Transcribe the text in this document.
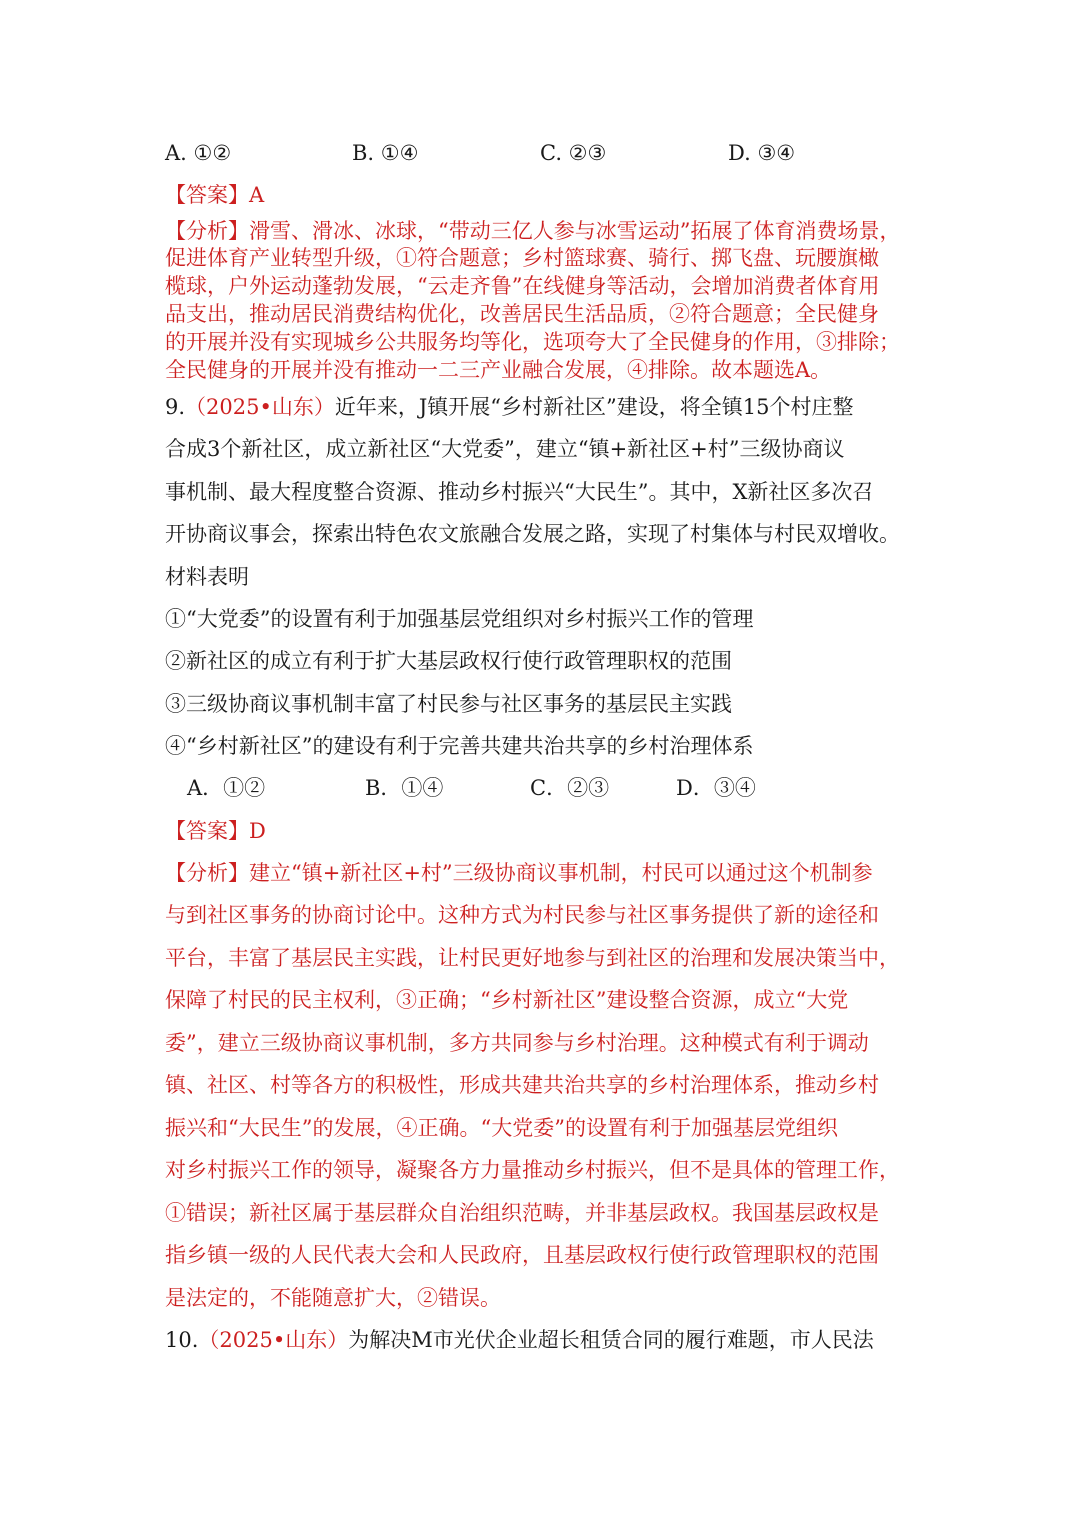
A. ①②	B. ①④	C. ②③	D. ③④
【答案】A
【分析】滑雪、滑冰、冰球，“带动三亿人参与冰雪运动”拓展了体育消费场景，
促进体育产业转型升级，①符合题意；乡村篮球赛、骑行、掷飞盘、玩腰旗橄
榄球，户外运动蓬勃发展，“云走齐鲁”在线健身等活动，会增加消费者体育用
品支出，推动居民消费结构优化，改善居民生活品质，②符合题意；全民健身
的开展并没有实现城乡公共服务均等化，选项夸大了全民健身的作用，③排除；
全民健身的开展并没有推动一二三产业融合发展，④排除。故本题选A。
9.（2025•山东）近年来，J镇开展“乡村新社区”建设，将全镇15个村庄整
合成3个新社区，成立新社区“大党委”，建立“镇+新社区+村”三级协商议
事机制、最大程度整合资源、推动乡村振兴“大民生”。其中，X新社区多次召
开协商议事会，探索出特色农文旅融合发展之路，实现了村集体与村民双增收。
材料表明
①“大党委”的设置有利于加强基层党组织对乡村振兴工作的管理
②新社区的成立有利于扩大基层政权行使行政管理职权的范围
③三级协商议事机制丰富了村民参与社区事务的基层民主实践
④“乡村新社区”的建设有利于完善共建共治共享的乡村治理体系
A．①②	B．①④	C．②③	D．③④
【答案】D
【分析】建立“镇+新社区+村”三级协商议事机制，村民可以通过这个机制参
与到社区事务的协商讨论中。这种方式为村民参与社区事务提供了新的途径和
平台，丰富了基层民主实践，让村民更好地参与到社区的治理和发展决策当中，
保障了村民的民主权利，③正确；“乡村新社区”建设整合资源，成立“大党
委”，建立三级协商议事机制，多方共同参与乡村治理。这种模式有利于调动
镇、社区、村等各方的积极性，形成共建共治共享的乡村治理体系，推动乡村
振兴和“大民生”的发展，④正确。“大党委”的设置有利于加强基层党组织
对乡村振兴工作的领导，凝聚各方力量推动乡村振兴，但不是具体的管理工作，
①错误；新社区属于基层群众自治组织范畴，并非基层政权。我国基层政权是
指乡镇一级的人民代表大会和人民政府，且基层政权行使行政管理职权的范围
是法定的，不能随意扩大，②错误。
10.（2025•山东）为解决M市光伏企业超长租赁合同的履行难题，市人民法
